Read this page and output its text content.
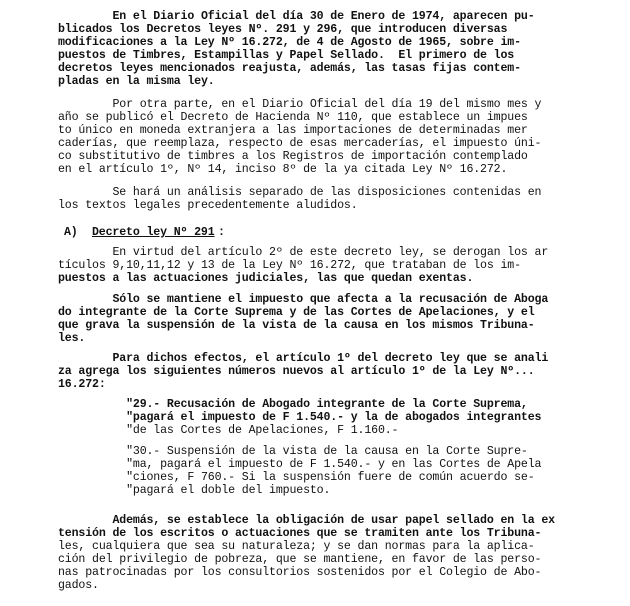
En el Diario Oficial del día 30 de Enero de 1974, aparecen pu-
blicados los Decretos leyes Nº. 291 y 296, que introducen diversas
modificaciones a la Ley Nº 16.272, de 4 de Agosto de 1965, sobre im-
puestos de Timbres, Estampillas y Papel Sellado.  El primero de los
decretos leyes mencionados reajusta, además, las tasas fijas contem-
pladas en la misma ley.
Por otra parte, en el Diario Oficial del día 19 del mismo mes y
año se publicó el Decreto de Hacienda Nº 110, que establece un impues
to único en moneda extranjera a las importaciones de determinadas mer
caderías, que reemplaza, respecto de esas mercaderías, el impuesto úni-
co substitutivo de timbres a los Registros de importación contemplado
en el artículo 1º, Nº 14, inciso 8º de la ya citada Ley Nº 16.272.
Se hará un análisis separado de las disposiciones contenidas en
los textos legales precedentemente aludidos.
A) Decreto ley Nº 291 :
En virtud del artículo 2º de este decreto ley, se derogan los ar
tículos 9,10,11,12 y 13 de la Ley Nº 16.272, que trataban de los im-
puestos a las actuaciones judiciales, las que quedan exentas.
Sólo se mantiene el impuesto que afecta a la recusación de Aboga
do integrante de la Corte Suprema y de las Cortes de Apelaciones, y el
que grava la suspensión de la vista de la causa en los mismos Tribuna-
les.
Para dichos efectos, el artículo 1º del decreto ley que se anali
za agrega los siguientes números nuevos al artículo 1º de la Ley Nº...
16.272:
"29.- Recusación de Abogado integrante de la Corte Suprema,
"pagará el impuesto de F 1.540.- y la de abogados integrantes
"de las Cortes de Apelaciones, F 1.160.-
"30.- Suspensión de la vista de la causa en la Corte Supre-
"ma, pagará el impuesto de F 1.540.- y en las Cortes de Apela
"ciones, F 760.- Si la suspensión fuere de común acuerdo se-
"pagará el doble del impuesto.
Además, se establece la obligación de usar papel sellado en la ex
tensión de los escritos o actuaciones que se tramiten ante los Tribuna-
les, cualquiera que sea su naturaleza; y se dan normas para la aplica-
ción del privilegio de pobreza, que se mantiene, en favor de las perso-
nas patrocinadas por los consultorios sostenidos por el Colegio de Abo-
gados.
